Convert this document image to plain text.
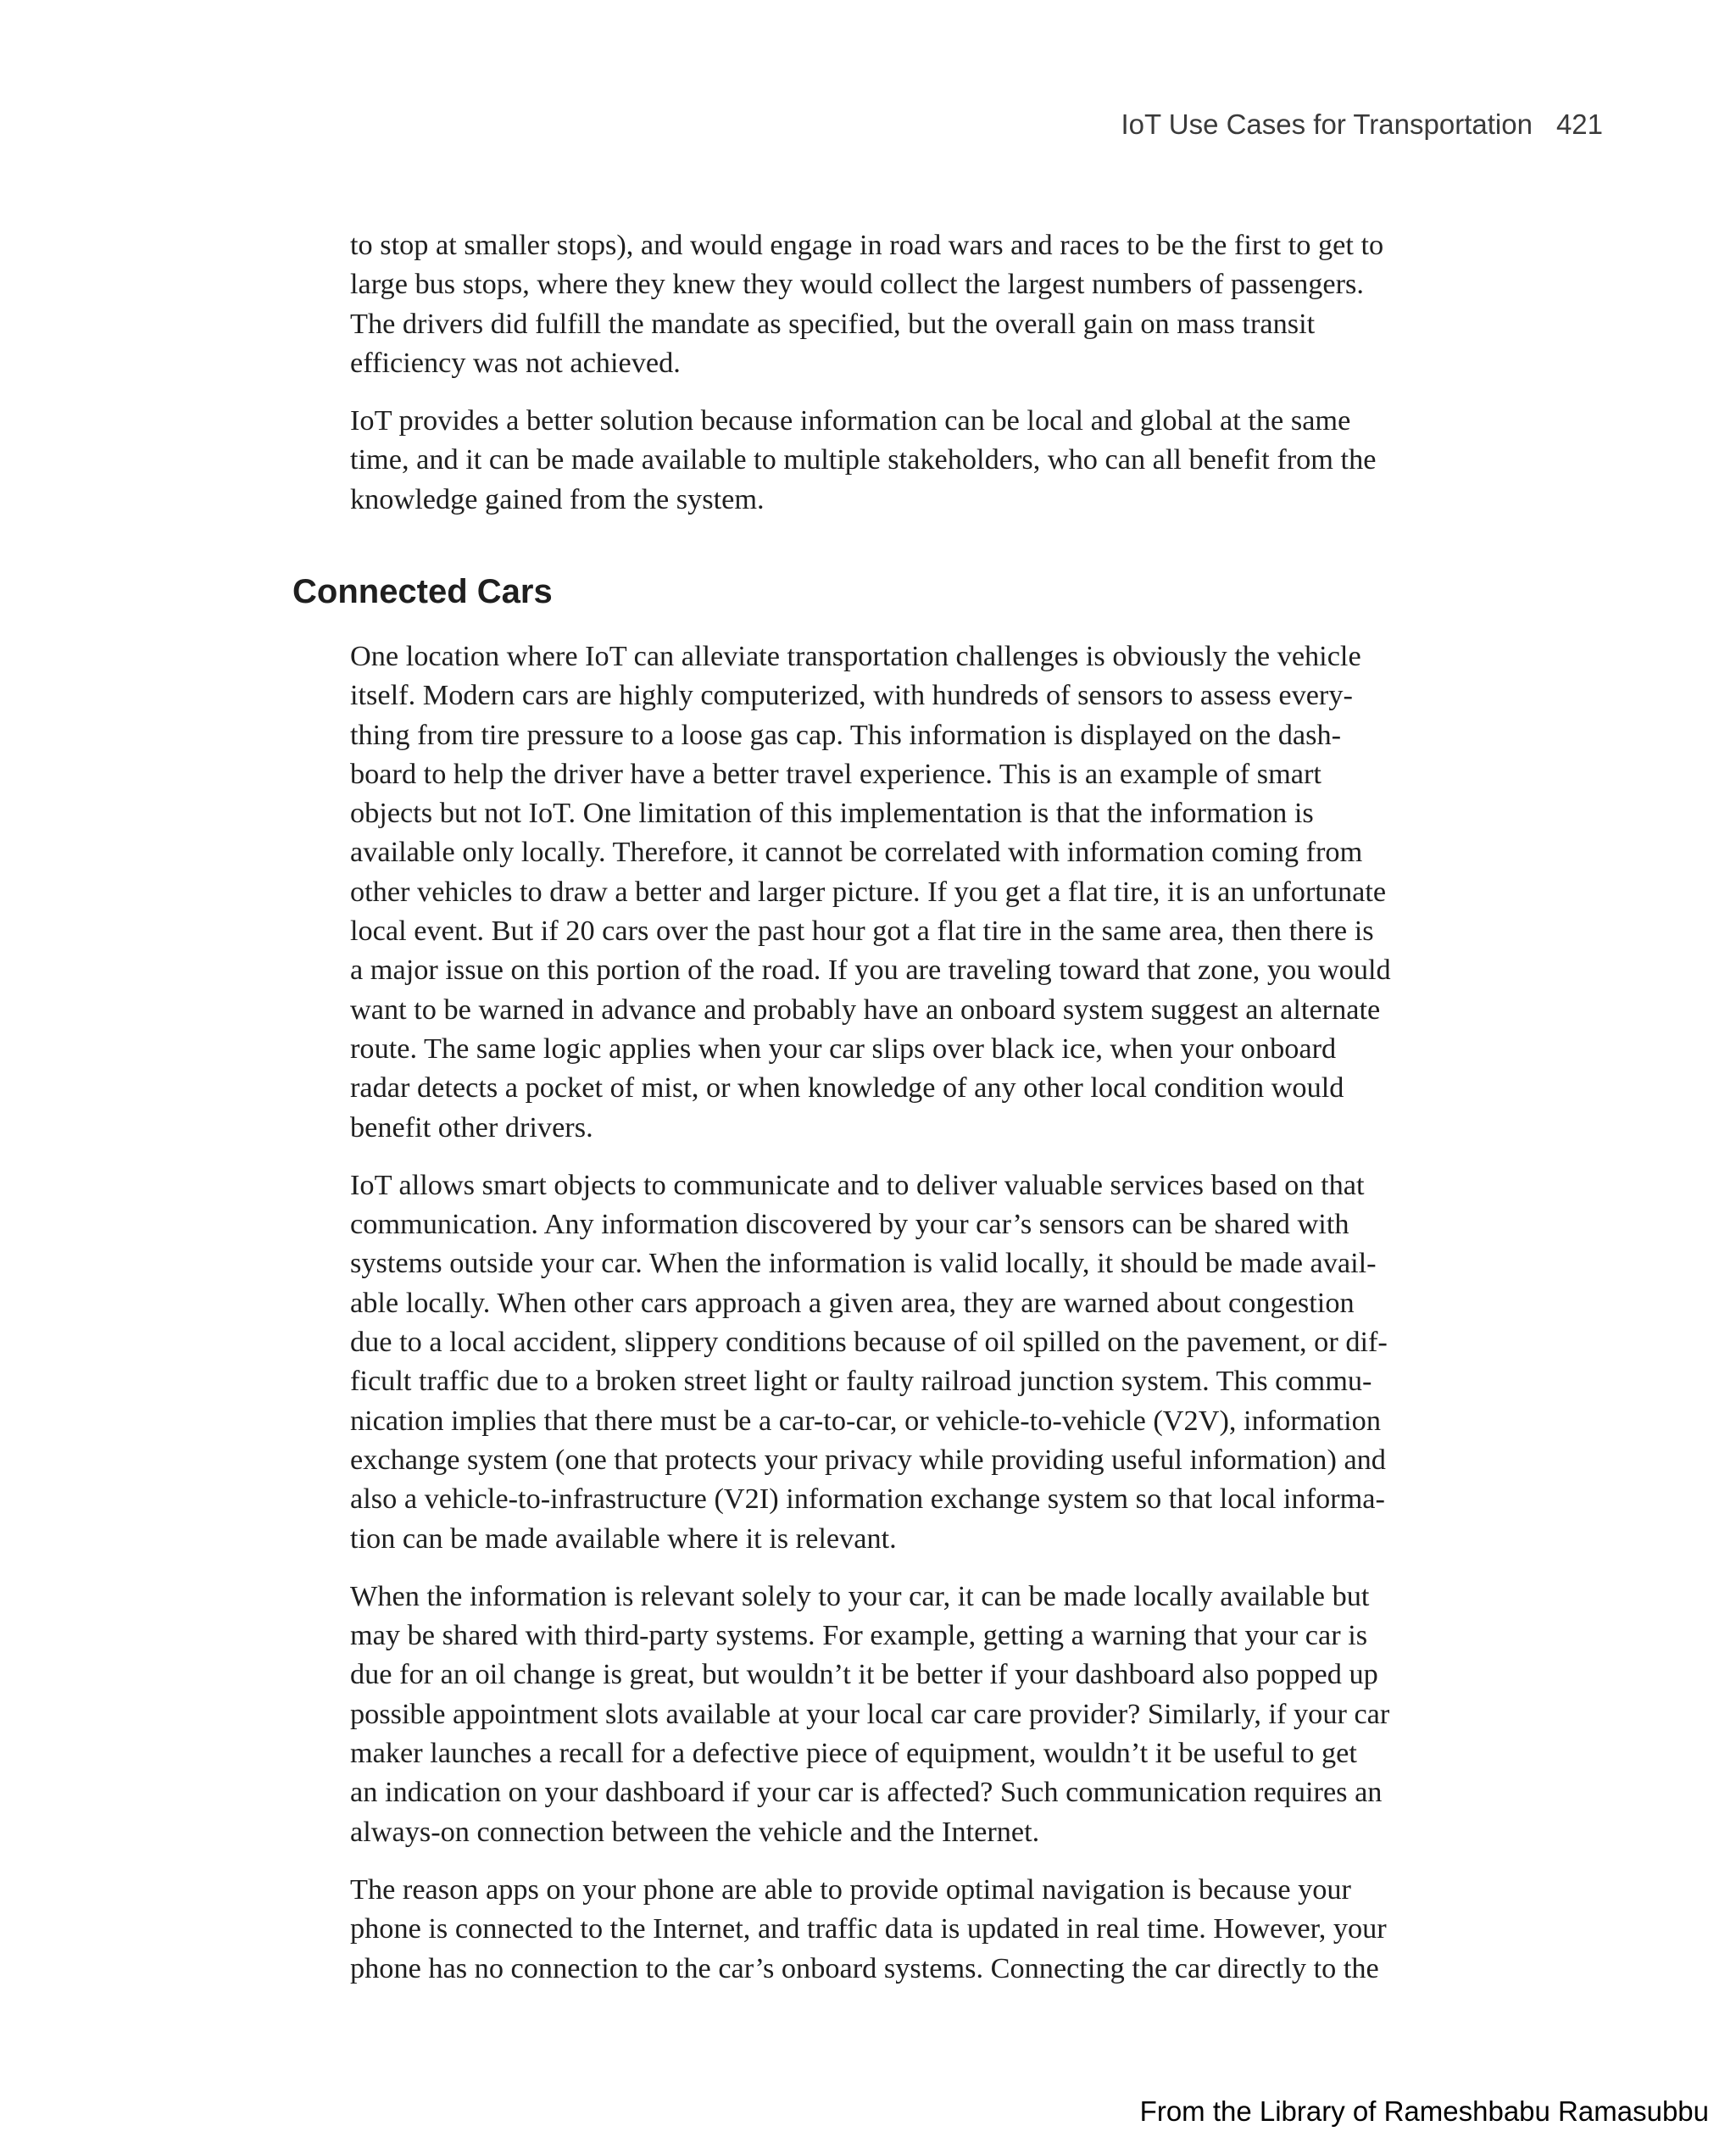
IoT Use Cases for Transportation 421

to stop at smaller stops), and would engage in road wars and races to be the first to get to
large bus stops, where they knew they would collect the largest numbers of passengers.
The drivers did fulfill the mandate as specified, but the overall gain on mass transit
efficiency was not achieved.

IoT provides a better solution because information can be local and global at the same
time, and it can be made available to multiple stakeholders, who can all benefit from the
knowledge gained from the system.

Connected Cars

One location where IoT can alleviate transportation challenges is obviously the vehicle
itself. Modern cars are highly computerized, with hundreds of sensors to assess every-
thing from tire pressure to a loose gas cap. This information is displayed on the dash-
board to help the driver have a better travel experience. This is an example of smart
objects but not IoT. One limitation of this implementation is that the information is
available only locally. Therefore, it cannot be correlated with information coming from
other vehicles to draw a better and larger picture. If you get a flat tire, it is an unfortunate
local event. But if 20 cars over the past hour got a flat tire in the same area, then there is
a major issue on this portion of the road. If you are traveling toward that zone, you would
want to be warned in advance and probably have an onboard system suggest an alternate
route. The same logic applies when your car slips over black ice, when your onboard
radar detects a pocket of mist, or when knowledge of any other local condition would
benefit other drivers.

IoT allows smart objects to communicate and to deliver valuable services based on that
communication. Any information discovered by your car’s sensors can be shared with
systems outside your car. When the information is valid locally, it should be made avail-
able locally. When other cars approach a given area, they are warned about congestion
due to a local accident, slippery conditions because of oil spilled on the pavement, or dif-
ficult traffic due to a broken street light or faulty railroad junction system. This commu-
nication implies that there must be a car-to-car, or vehicle-to-vehicle (V2V), information
exchange system (one that protects your privacy while providing useful information) and
also a vehicle-to-infrastructure (V2I) information exchange system so that local informa-
tion can be made available where it is relevant.

When the information is relevant solely to your car, it can be made locally available but
may be shared with third-party systems. For example, getting a warning that your car is
due for an oil change is great, but wouldn’t it be better if your dashboard also popped up
possible appointment slots available at your local car care provider? Similarly, if your car
maker launches a recall for a defective piece of equipment, wouldn’t it be useful to get
an indication on your dashboard if your car is affected? Such communication requires an
always-on connection between the vehicle and the Internet.

The reason apps on your phone are able to provide optimal navigation is because your
phone is connected to the Internet, and traffic data is updated in real time. However, your
phone has no connection to the car’s onboard systems. Connecting the car directly to the

From the Library of Rameshbabu Ramasubbu
